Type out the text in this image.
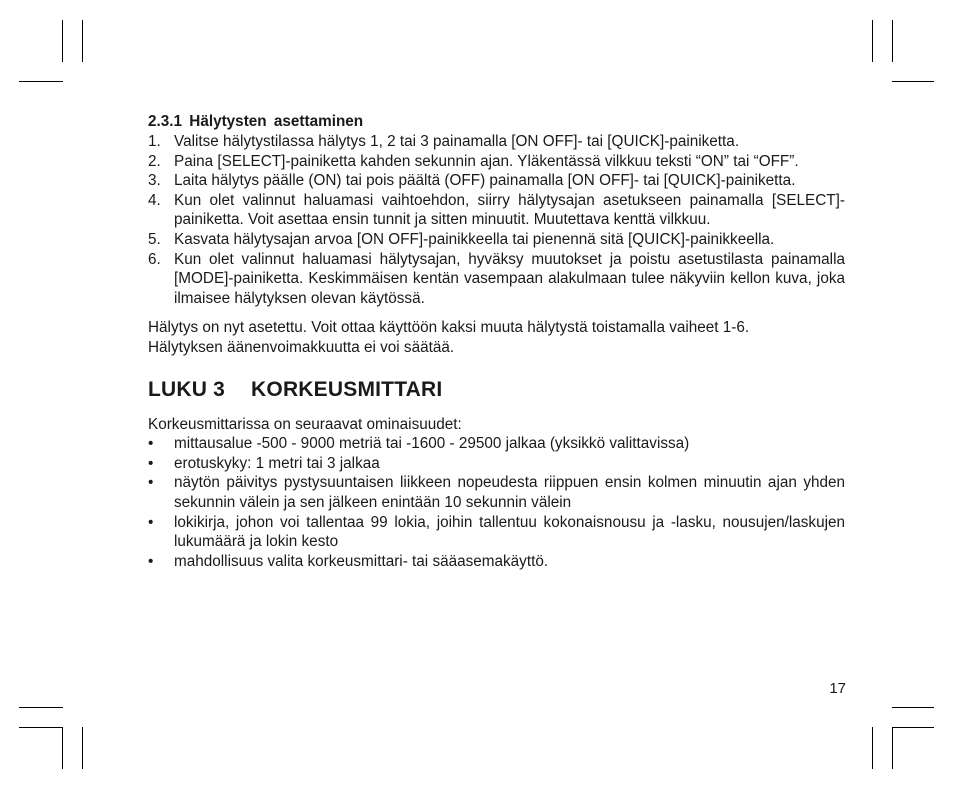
2.3.1 Hälytysten asettaminen
1. Valitse hälytystilassa hälytys 1, 2 tai 3 painamalla [ON OFF]- tai [QUICK]-painiketta.
2. Paina [SELECT]-painiketta kahden sekunnin ajan. Yläkentässä vilkkuu teksti “ON” tai “OFF”.
3. Laita hälytys päälle (ON) tai pois päältä (OFF) painamalla [ON OFF]- tai [QUICK]-painiketta.
4. Kun olet valinnut haluamasi vaihtoehdon, siirry hälytysajan asetukseen painamalla [SELECT]-painiketta. Voit asettaa ensin tunnit ja sitten minuutit. Muutettava kenttä vilkkuu.
5. Kasvata hälytysajan arvoa [ON OFF]-painikkeella tai pienennä sitä [QUICK]-painikkeella.
6. Kun olet valinnut haluamasi hälytysajan, hyväksy muutokset ja poistu asetustilasta painamalla [MODE]-painiketta. Keskimmäisen kentän vasempaan alakulmaan tulee näkyviin kellon kuva, joka ilmaisee hälytyksen olevan käytössä.

Hälytys on nyt asetettu. Voit ottaa käyttöön kaksi muuta hälytystä toistamalla vaiheet 1-6.

Hälytyksen äänenvoimakkuutta ei voi säätää.

LUKU 3 KORKEUSMITTARI

Korkeusmittarissa on seuraavat ominaisuudet:

•	mittausalue -500 - 9000 metriä tai -1600 - 29500 jalkaa (yksikkö valittavissa)
•	erotuskyky: 1 metri tai 3 jalkaa
•	näytön päivitys pystysuuntaisen liikkeen nopeudesta riippuen ensin kolmen minuutin ajan yhden sekunnin välein ja sen jälkeen enintään 10 sekunnin välein
•	lokikirja, johon voi tallentaa 99 lokia, joihin tallentuu kokonaisnousu ja -lasku, nousujen/laskujen lukumäärä ja lokin kesto
•	mahdollisuus valita korkeusmittari- tai sääasemakäyttö.
17
